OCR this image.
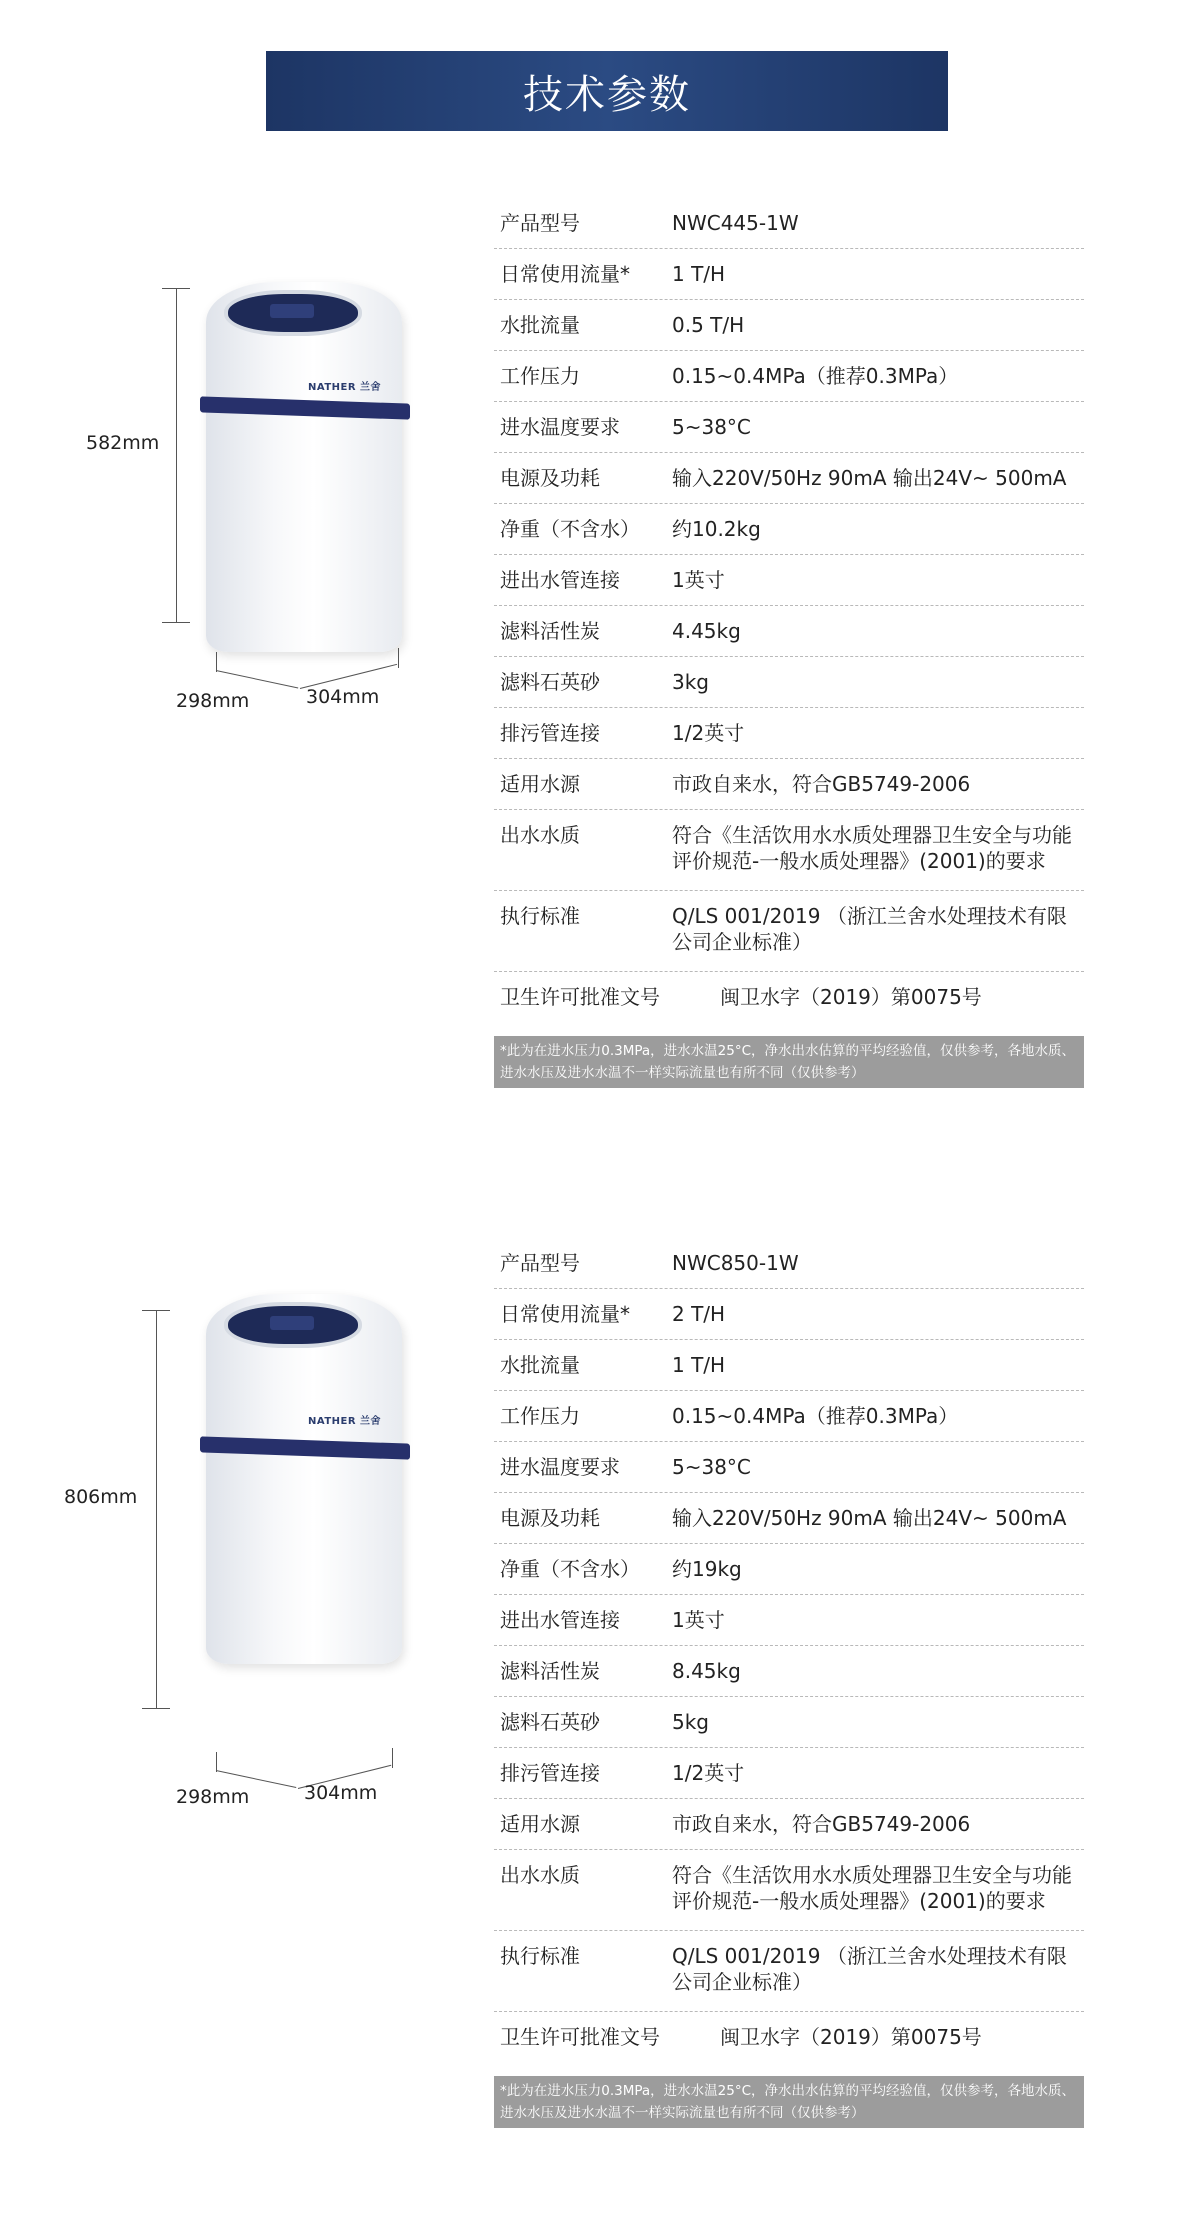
技术参数
NATHER 兰舍
582mm
298mm	304mm
产品型号	NWC445-1W
日常使用流量*	1 T/H
水批流量	0.5 T/H
工作压力	0.15~0.4MPa（推荐0.3MPa）
进水温度要求	5~38°C
电源及功耗	输入220V/50Hz 90mA 输出24V~ 500mA
净重（不含水）	约10.2kg
进出水管连接	1英寸
滤料活性炭	4.45kg
滤料石英砂	3kg
排污管连接	1/2英寸
适用水源	市政自来水，符合GB5749-2006
出水水质	符合《生活饮用水水质处理器卫生安全与功能评价规范-一般水质处理器》(2001)的要求
执行标准	Q/LS 001/2019 （浙江兰舍水处理技术有限公司企业标准）
卫生许可批准文号	闽卫水字（2019）第0075号
*此为在进水压力0.3MPa，进水水温25°C，净水出水估算的平均经验值，仅供参考，各地水质、进水水压及进水水温不一样实际流量也有所不同（仅供参考）
NATHER 兰舍
806mm
298mm	304mm
产品型号	NWC850-1W
日常使用流量*	2 T/H
水批流量	1 T/H
工作压力	0.15~0.4MPa（推荐0.3MPa）
进水温度要求	5~38°C
电源及功耗	输入220V/50Hz 90mA 输出24V~ 500mA
净重（不含水）	约19kg
进出水管连接	1英寸
滤料活性炭	8.45kg
滤料石英砂	5kg
排污管连接	1/2英寸
适用水源	市政自来水，符合GB5749-2006
出水水质	符合《生活饮用水水质处理器卫生安全与功能评价规范-一般水质处理器》(2001)的要求
执行标准	Q/LS 001/2019 （浙江兰舍水处理技术有限公司企业标准）
卫生许可批准文号	闽卫水字（2019）第0075号
*此为在进水压力0.3MPa，进水水温25°C，净水出水估算的平均经验值，仅供参考，各地水质、进水水压及进水水温不一样实际流量也有所不同（仅供参考）
